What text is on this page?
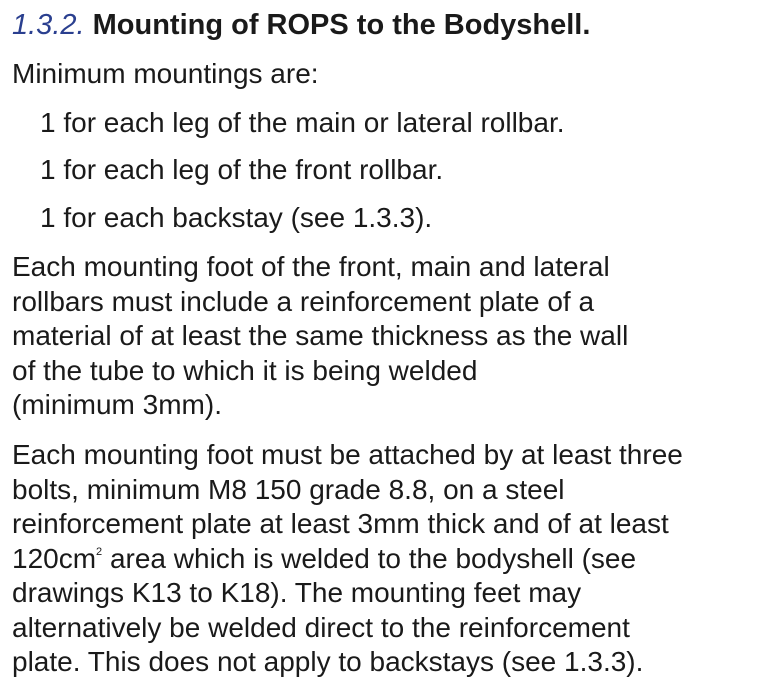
1.3.2. Mounting of ROPS to the Bodyshell.
Minimum mountings are:
1 for each leg of the main or lateral rollbar.
1 for each leg of the front rollbar.
1 for each backstay (see 1.3.3).
Each mounting foot of the front, main and lateral
rollbars must include a reinforcement plate of a
material of at least the same thickness as the wall
of the tube to which it is being welded
(minimum 3mm).
Each mounting foot must be attached by at least three
bolts, minimum M8 150 grade 8.8, on a steel
reinforcement plate at least 3mm thick and of at least
$120cm^2$ area which is welded to the bodyshell (see
drawings K13 to K18). The mounting feet may
alternatively be welded direct to the reinforcement
plate. This does not apply to backstays (see 1.3.3).
